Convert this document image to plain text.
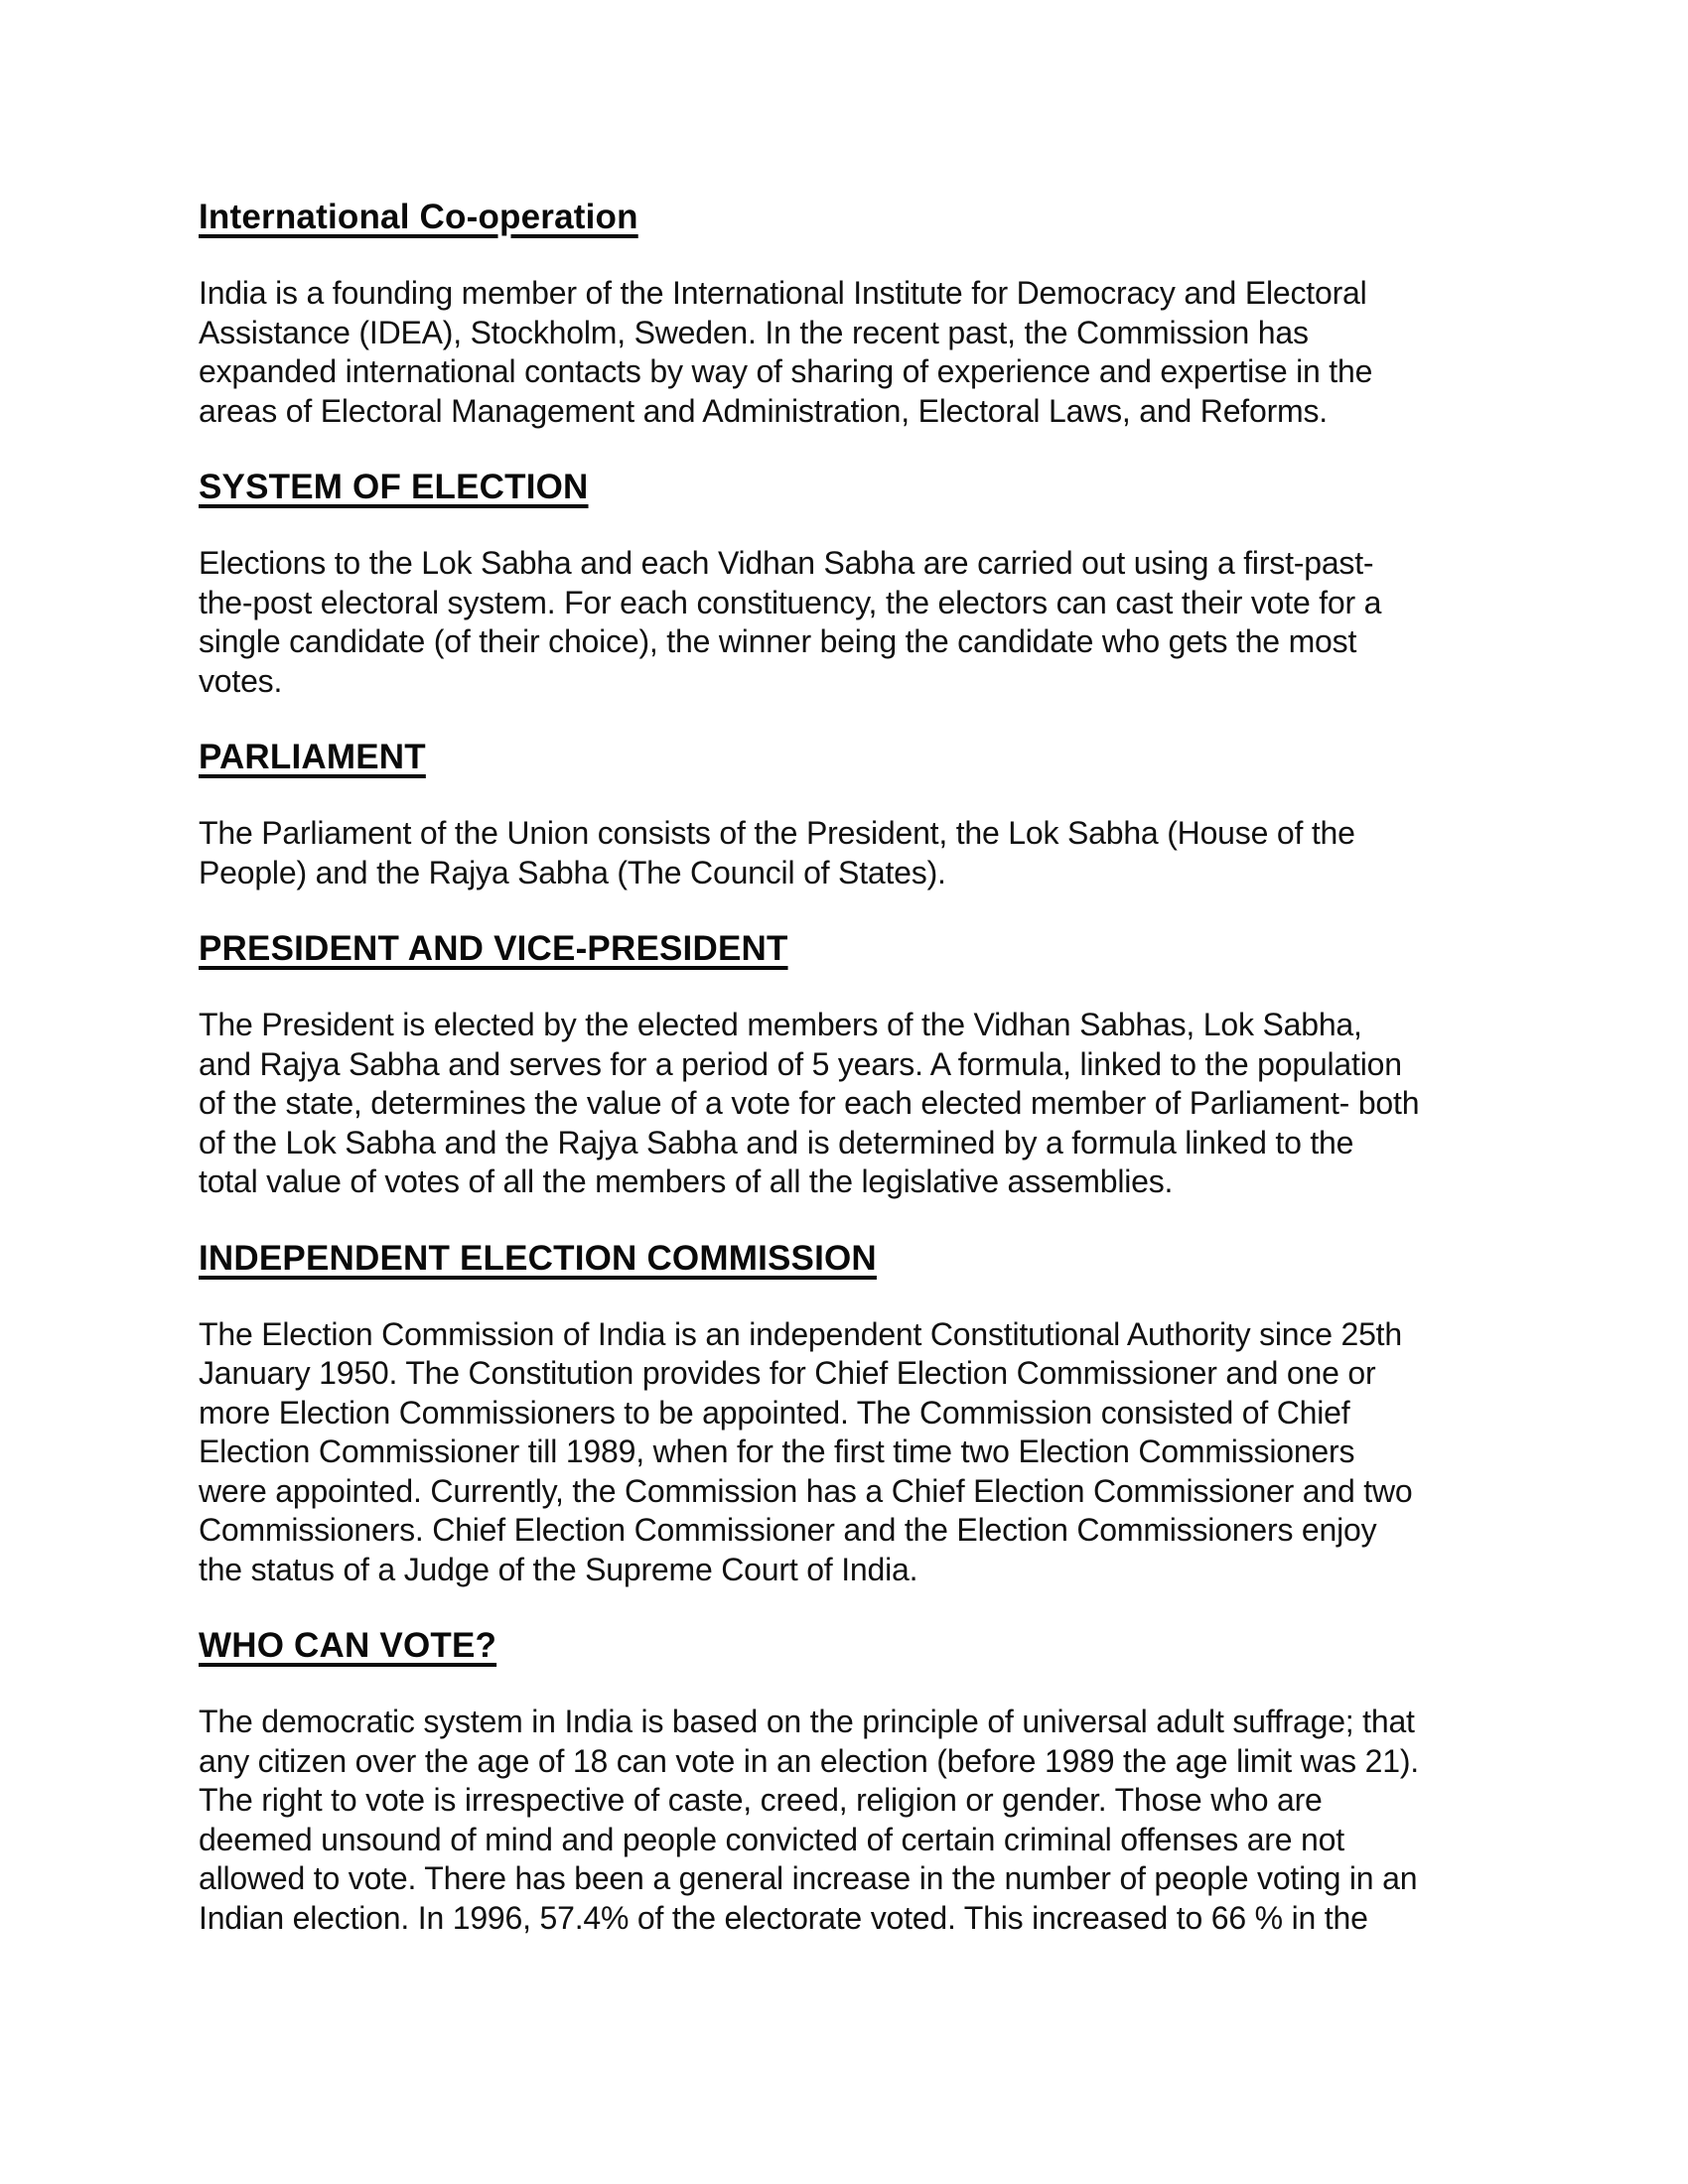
International Co-operation

India is a founding member of the International Institute for Democracy and Electoral
Assistance (IDEA), Stockholm, Sweden. In the recent past, the Commission has
expanded international contacts by way of sharing of experience and expertise in the
areas of Electoral Management and Administration, Electoral Laws, and Reforms.

SYSTEM OF ELECTION

Elections to the Lok Sabha and each Vidhan Sabha are carried out using a first-past-
the-post electoral system. For each constituency, the electors can cast their vote for a
single candidate (of their choice), the winner being the candidate who gets the most
votes.

PARLIAMENT

The Parliament of the Union consists of the President, the Lok Sabha (House of the
People) and the Rajya Sabha (The Council of States).

PRESIDENT AND VICE-PRESIDENT

The President is elected by the elected members of the Vidhan Sabhas, Lok Sabha,
and Rajya Sabha and serves for a period of 5 years. A formula, linked to the population
of the state, determines the value of a vote for each elected member of Parliament- both
of the Lok Sabha and the Rajya Sabha and is determined by a formula linked to the
total value of votes of all the members of all the legislative assemblies.

INDEPENDENT ELECTION COMMISSION

The Election Commission of India is an independent Constitutional Authority since 25th
January 1950. The Constitution provides for Chief Election Commissioner and one or
more Election Commissioners to be appointed. The Commission consisted of Chief
Election Commissioner till 1989, when for the first time two Election Commissioners
were appointed. Currently, the Commission has a Chief Election Commissioner and two
Commissioners. Chief Election Commissioner and the Election Commissioners enjoy
the status of a Judge of the Supreme Court of India.

WHO CAN VOTE?

The democratic system in India is based on the principle of universal adult suffrage; that
any citizen over the age of 18 can vote in an election (before 1989 the age limit was 21).
The right to vote is irrespective of caste, creed, religion or gender. Those who are
deemed unsound of mind and people convicted of certain criminal offenses are not
allowed to vote. There has been a general increase in the number of people voting in an
Indian election. In 1996, 57.4% of the electorate voted. This increased to 66 % in the
